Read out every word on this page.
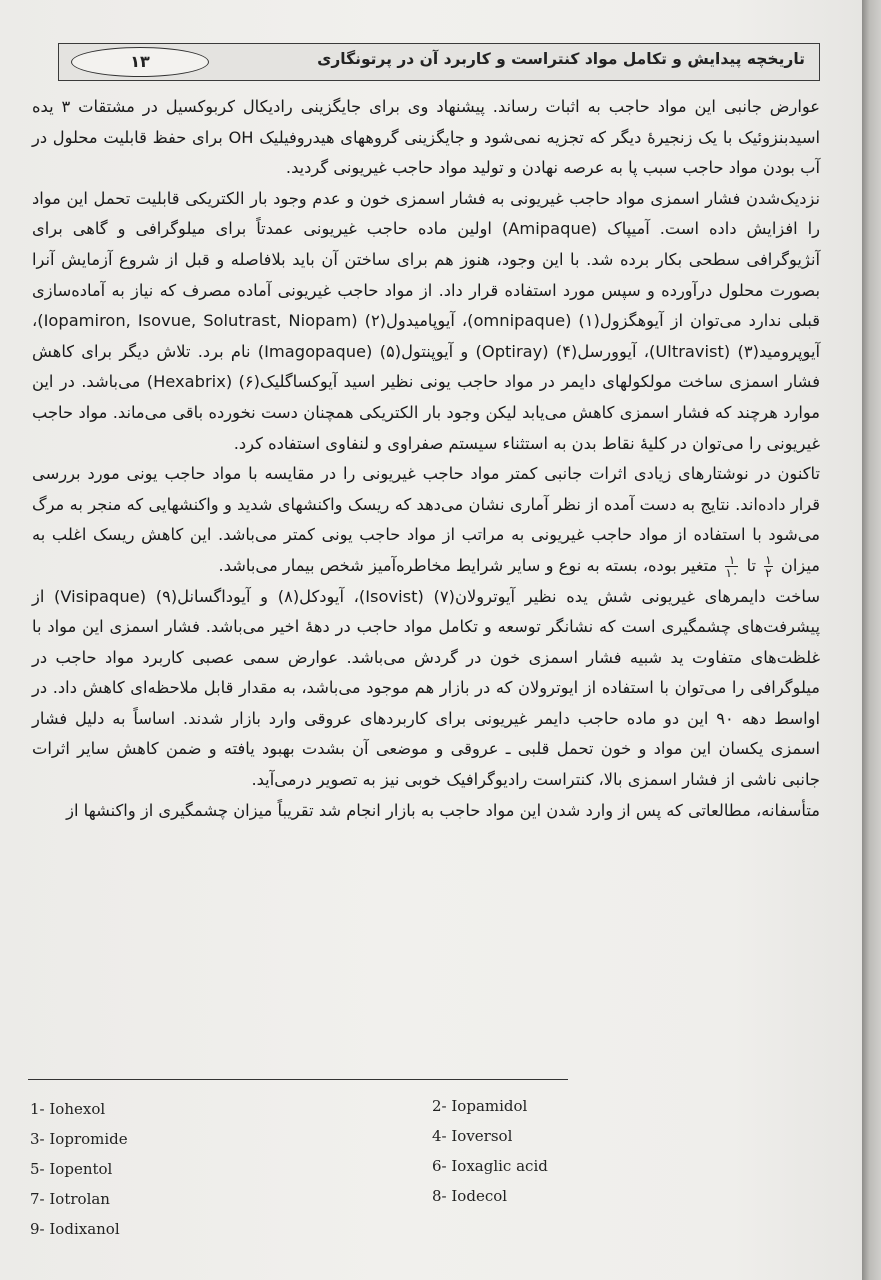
۱۳	تاریخچه پیدایش و تکامل مواد کنتراست و کاربرد آن در پرتونگاری

عوارض جانبی این مواد حاجب به اثبات رساند. پیشنهاد وی برای جایگزینی رادیکال کربوکسیل در مشتقات ۳ یده اسیدبنزوئیک با یک زنجیرهٔ دیگر که تجزیه نمی‌شود و جایگزینی گروههای هیدروفیلیک OH برای حفظ قابلیت محلول در آب بودن مواد حاجب سبب پا به عرصه نهادن و تولید مواد حاجب غیریونی گردید.

نزدیک‌شدن فشار اسمزی مواد حاجب غیریونی به فشار اسمزی خون و عدم وجود بار الکتریکی قابلیت تحمل این مواد را افزایش داده است. آمیپاک (Amipaque) اولین ماده حاجب غیریونی عمدتاً برای میلوگرافی و گاهی برای آنژیوگرافی سطحی بکار برده شد. با این وجود، هنوز هم برای ساختن آن باید بلافاصله و قبل از شروع آزمایش آنرا بصورت محلول درآورده و سپس مورد استفاده قرار داد. از مواد حاجب غیریونی آماده مصرف که نیاز به آماده‌سازی قبلی ندارد می‌توان از آیوهگزول(۱) (omnipaque)، آیوپامیدول(۲) (Iopamiron, Isovue, Solutrast, Niopam)، آیوپرومید(۳) (Ultravist)، آیوورسل(۴) (Optiray) و آیوپنتول(۵) (Imagopaque) نام برد. تلاش دیگر برای کاهش فشار اسمزی ساخت مولکولهای دایمر در مواد حاجب یونی نظیر اسید آیوکساگلیک(۶) (Hexabrix) می‌باشد. در این موارد هرچند که فشار اسمزی کاهش می‌یابد لیکن وجود بار الکتریکی همچنان دست نخورده باقی می‌ماند. مواد حاجب غیریونی را می‌توان در کلیهٔ نقاط بدن به استثناء سیستم صفراوی و لنفاوی استفاده کرد.

تاکنون در نوشتارهای زیادی اثرات جانبی کمتر مواد حاجب غیریونی را در مقایسه با مواد حاجب یونی مورد بررسی قرار داده‌اند. نتایج به دست آمده از نظر آماری نشان می‌دهد که ریسک واکنشهای شدید و واکنشهایی که منجر به مرگ می‌شود با استفاده از مواد حاجب غیریونی به مراتب از مواد حاجب یونی کمتر می‌باشد. این کاهش ریسک اغلب به میزان
$\frac{۱}{۲}$
تا
$\frac{۱}{۱۰}$
متغیر بوده، بسته به نوع و سایر شرایط مخاطره‌آمیز شخص بیمار می‌باشد.

ساخت دایمرهای غیریونی شش یده نظیر آیوترولان(۷) (Isovist)، آیودکل(۸) و آیوداگسانل(۹) (Visipaque) از پیشرفت‌های چشمگیری است که نشانگر توسعه و تکامل مواد حاجب در دههٔ اخیر می‌باشد. فشار اسمزی این مواد با غلظت‌های متفاوت ید شبیه فشار اسمزی خون در گردش می‌باشد. عوارض سمی عصبی کاربرد مواد حاجب در میلوگرافی را می‌توان با استفاده از ایوترولان که در بازار هم موجود می‌باشد، به مقدار قابل ملاحظه‌ای کاهش داد. در اواسط دهه ۹۰ این دو ماده حاجب دایمر غیریونی برای کاربردهای عروقی وارد بازار شدند. اساساً به دلیل فشار اسمزی یکسان این مواد و خون تحمل قلبی ـ عروقی و موضعی آن بشدت بهبود یافته و ضمن کاهش سایر اثرات جانبی ناشی از فشار اسمزی بالا، کنتراست رادیوگرافیک خوبی نیز به تصویر درمی‌آید.

متأسفانه، مطالعاتی که پس از وارد شدن این مواد حاجب به بازار انجام شد تقریباً میزان چشمگیری از واکنشها از

1- Iohexol	2- Iopamidol
3- Iopromide	4- Ioversol
5- Iopentol	6- Ioxaglic acid
7- Iotrolan	8- Iodecol
9- Iodixanol
